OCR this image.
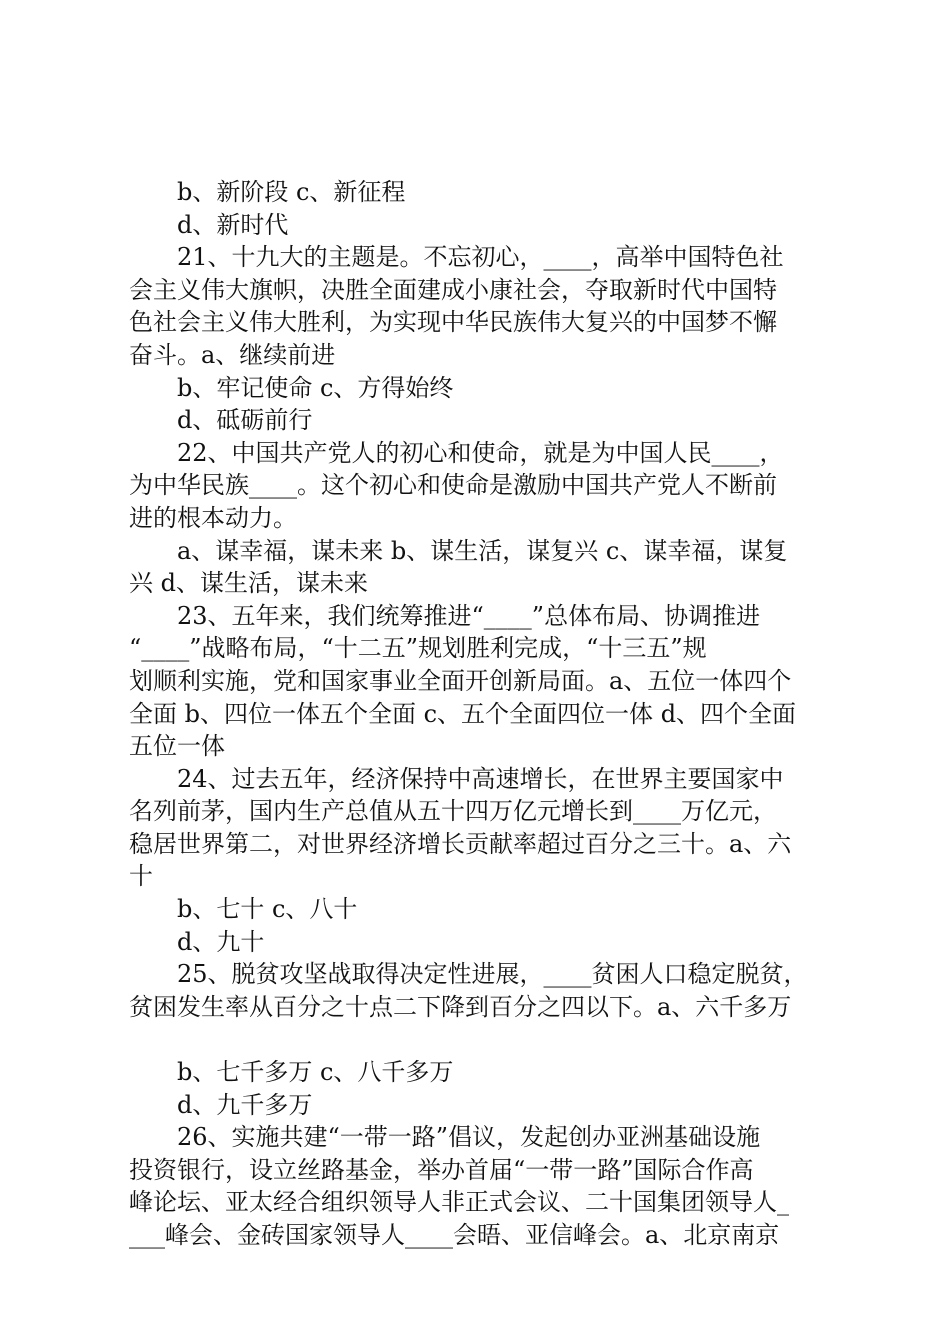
b、新阶段 c、新征程
d、新时代
21、十九大的主题是。不忘初心，____，高举中国特色社
会主义伟大旗帜，决胜全面建成小康社会，夺取新时代中国特
色社会主义伟大胜利，为实现中华民族伟大复兴的中国梦不懈
奋斗。a、继续前进
b、牢记使命 c、方得始终
d、砥砺前行
22、中国共产党人的初心和使命，就是为中国人民____，
为中华民族____。这个初心和使命是激励中国共产党人不断前
进的根本动力。
a、谋幸福，谋未来 b、谋生活，谋复兴 c、谋幸福，谋复
兴 d、谋生活，谋未来
23、五年来，我们统筹推进“____”总体布局、协调推进
“____”战略布局，“十二五”规划胜利完成，“十三五”规
划顺利实施，党和国家事业全面开创新局面。a、五位一体四个
全面 b、四位一体五个全面 c、五个全面四位一体 d、四个全面
五位一体
24、过去五年，经济保持中高速增长，在世界主要国家中
名列前茅，国内生产总值从五十四万亿元增长到____万亿元，
稳居世界第二，对世界经济增长贡献率超过百分之三十。a、六
十
b、七十 c、八十
d、九十
25、脱贫攻坚战取得决定性进展，____贫困人口稳定脱贫，
贫困发生率从百分之十点二下降到百分之四以下。a、六千多万
b、七千多万 c、八千多万
d、九千多万
26、实施共建“一带一路”倡议，发起创办亚洲基础设施
投资银行，设立丝路基金，举办首届“一带一路”国际合作高
峰论坛、亚太经合组织领导人非正式会议、二十国集团领导人_
___峰会、金砖国家领导人____会晤、亚信峰会。a、北京南京
